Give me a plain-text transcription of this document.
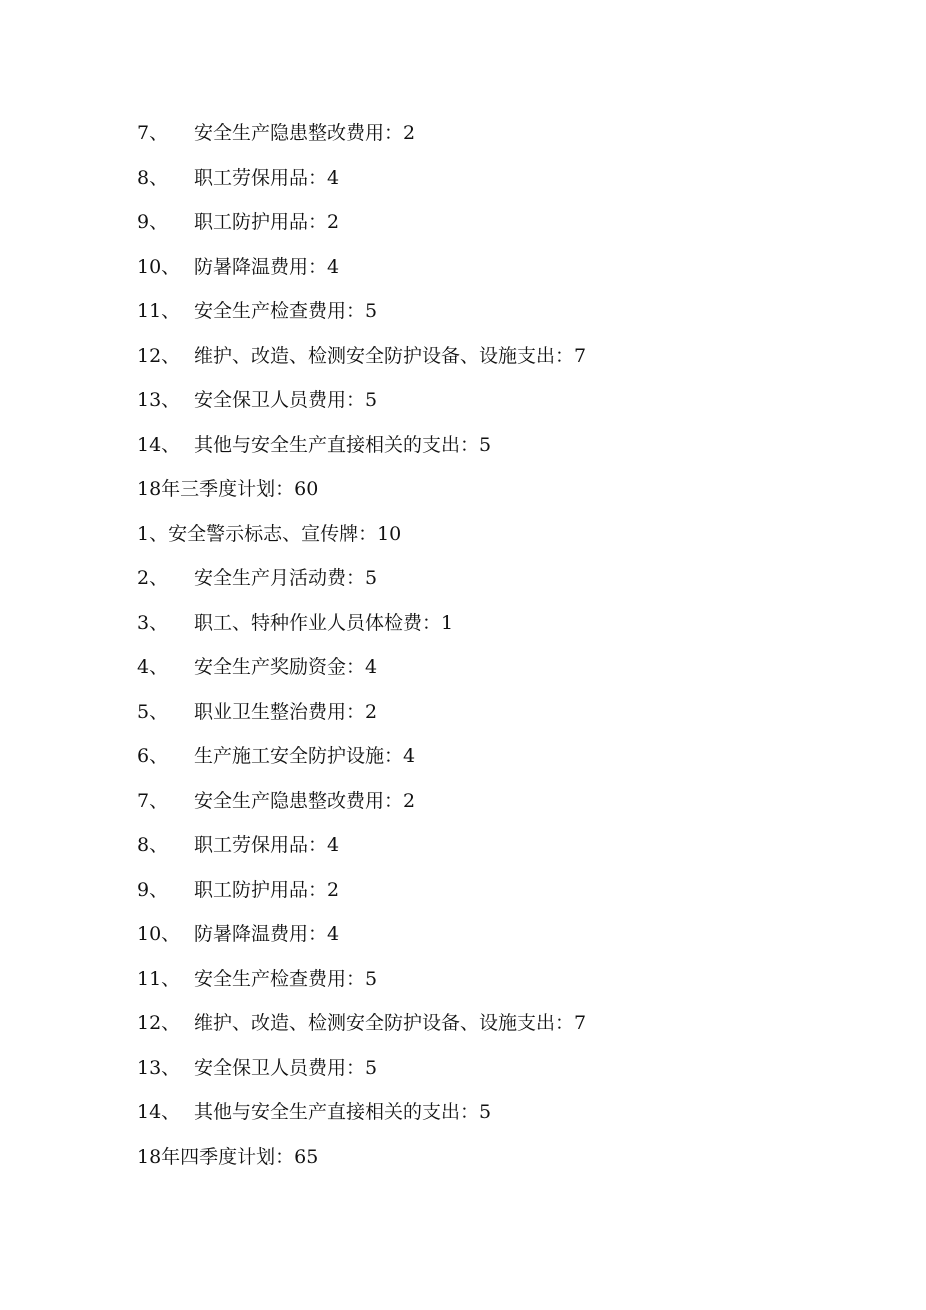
7、	安全生产隐患整改费用：2
8、	职工劳保用品：4
9、	职工防护用品：2
10、 防暑降温费用：4
11、 安全生产检查费用：5
12、 维护、改造、检测安全防护设备、设施支出：7
13、 安全保卫人员费用：5
14、 其他与安全生产直接相关的支出：5
18年三季度计划：60
1、安全警示标志、宣传牌：10
2、	安全生产月活动费：5
3、	职工、特种作业人员体检费：1
4、	安全生产奖励资金：4
5、	职业卫生整治费用：2
6、	生产施工安全防护设施：4
7、	安全生产隐患整改费用：2
8、	职工劳保用品：4
9、	职工防护用品：2
10、 防暑降温费用：4
11、 安全生产检查费用：5
12、 维护、改造、检测安全防护设备、设施支出：7
13、 安全保卫人员费用：5
14、 其他与安全生产直接相关的支出：5
18年四季度计划：65
